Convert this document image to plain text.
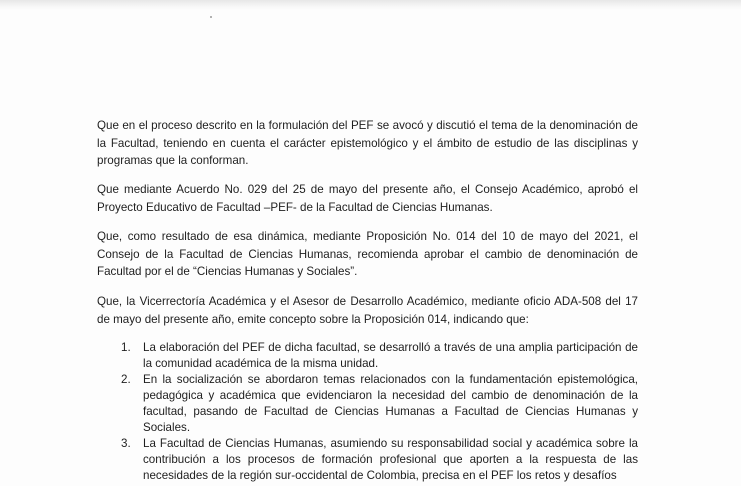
Que en el proceso descrito en la formulación del PEF se avocó y discutió el tema de la denominación de la Facultad, teniendo en cuenta el carácter epistemológico y el ámbito de estudio de las disciplinas y programas que la conforman.

Que mediante Acuerdo No. 029 del 25 de mayo del presente año, el Consejo Académico, aprobó el Proyecto Educativo de Facultad –PEF- de la Facultad de Ciencias Humanas.

Que, como resultado de esa dinámica, mediante Proposición No. 014 del 10 de mayo del 2021, el Consejo de la Facultad de Ciencias Humanas, recomienda aprobar el cambio de denominación de Facultad por el de “Ciencias Humanas y Sociales”.

Que, la Vicerrectoría Académica y el Asesor de Desarrollo Académico, mediante oficio ADA-508 del 17 de mayo del presente año, emite concepto sobre la Proposición 014, indicando que:

1. La elaboración del PEF de dicha facultad, se desarrolló a través de una amplia participación de la comunidad académica de la misma unidad.
2. En la socialización se abordaron temas relacionados con la fundamentación epistemológica, pedagógica y académica que evidenciaron la necesidad del cambio de denominación de la facultad, pasando de Facultad de Ciencias Humanas a Facultad de Ciencias Humanas y Sociales.
3. La Facultad de Ciencias Humanas, asumiendo su responsabilidad social y académica sobre la contribución a los procesos de formación profesional que aporten a la respuesta de las necesidades de la región sur-occidental de Colombia, precisa en el PEF los retos y desafíos
